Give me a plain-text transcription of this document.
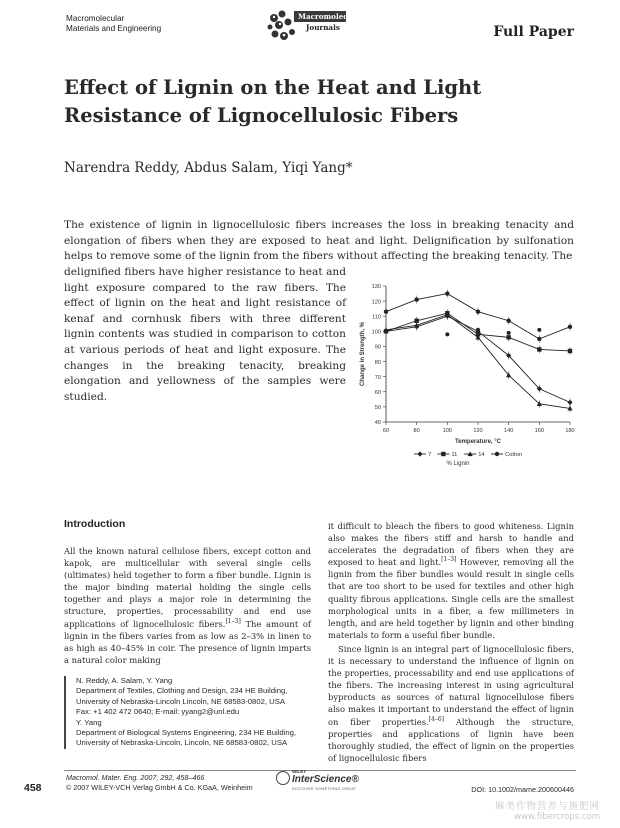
Macromolecular
Materials and Engineering
Macromolecular
Journals	Full Paper
Effect of Lignin on the Heat and Light Resistance of Lignocellulosic Fibers
Narendra Reddy, Abdus Salam, Yiqi Yang*
The existence of lignin in lignocellulosic fibers increases the loss in breaking tenacity and elongation of fibers when they are exposed to heat and light. Delignification by sulfonation helps to remove some of the lignin from the fibers without affecting the breaking tenacity. The
delignified fibers have higher resistance to heat and light exposure compared to the raw fibers. The effect of lignin on the heat and light resistance of kenaf and cornhusk fibers with three different lignin contents was studied in comparison to cotton at various periods of heat and light exposure. The changes in the breaking tenacity, breaking elongation and yellowness of the samples were studied.
40
50
60
70
80
90
100
110
120
130
60	80	100	120	140	160	180
Temperature, °C
Change in Strength, %
7	11	14	Cotton
% Lignin
Introduction
All the known natural cellulose fibers, except cotton and kapok, are multicellular with several single cells (ultimates) held together to form a fiber bundle. Lignin is the major binding material holding the single cells together and plays a major role in determining the structure, properties, processability and end use applications of lignocellulosic fibers.[1–3] The amount of lignin in the fibers varies from as low as 2–3% in linen to as high as 40–45% in coir. The presence of lignin imparts a natural color making

it difficult to bleach the fibers to good whiteness. Lignin also makes the fibers stiff and harsh to handle and accelerates the degradation of fibers when they are exposed to heat and light.[1–3] However, removing all the lignin from the fiber bundles would result in single cells that are too short to be used for textiles and other high quality fibrous applications. Single cells are the smallest morphological units in a fiber, a few millimeters in length, and are held together by lignin and other binding materials to form a useful fiber bundle.

Since lignin is an integral part of lignocellulosic fibers, it is necessary to understand the influence of lignin on the properties, processability and end use applications of the fibers. The increasing interest in using agricultural byproducts as sources of natural lignocellulose fibers also makes it important to understand the effect of lignin on fiber properties.[4–6] Although the structure, properties and applications of lignin have been thoroughly studied, the effect of lignin on the properties of lignocellulosic fibers

N. Reddy, A. Salam, Y. Yang
Department of Textiles, Clothing and Design, 234 HE Building,
University of Nebraska-Lincoln Lincoln, NE 68583-0802, USA
Fax: +1 402 472 0640; E-mail: yyang2@unl.edu
Y. Yang
Department of Biological Systems Engineering, 234 HE Building,
University of Nebraska-Lincoln, Lincoln, NE 68583-0802, USA
458
Macromol. Mater. Eng. 2007, 292, 458–466
© 2007 WILEY-VCH Verlag GmbH & Co. KGaA, Weinheim
WILEY
InterScience®
DISCOVER SOMETHING GREAT	DOI: 10.1002/mame.200600446
麻类作物营养与施肥网
www.fibercrops.com
